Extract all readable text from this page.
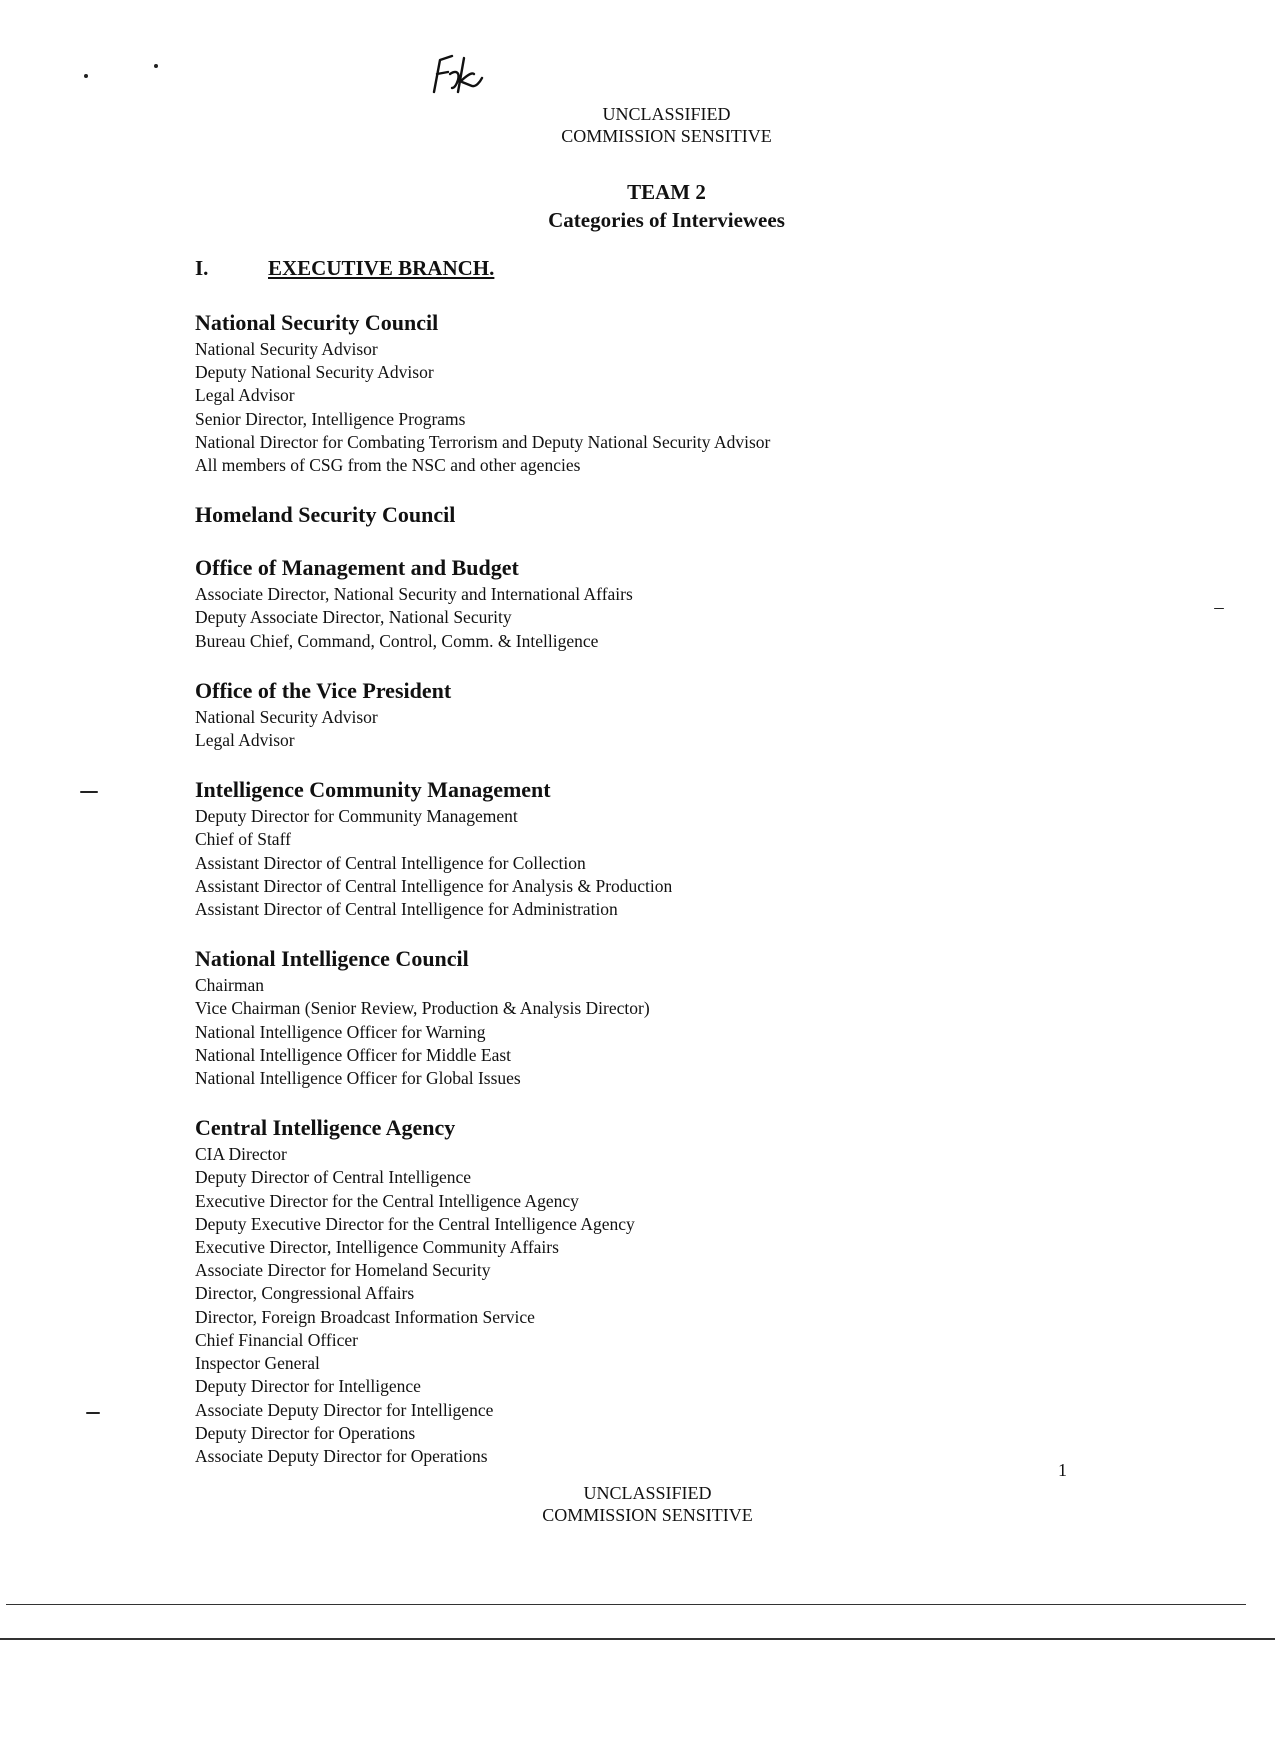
UNCLASSIFIED
COMMISSION SENSITIVE
TEAM 2
Categories of Interviewees
I.	EXECUTIVE BRANCH.
National Security Council
National Security Advisor
Deputy National Security Advisor
Legal Advisor
Senior Director, Intelligence Programs
National Director for Combating Terrorism and Deputy National Security Advisor
All members of CSG from the NSC and other agencies
Homeland Security Council
Office of Management and Budget
Associate Director, National Security and International Affairs
Deputy Associate Director, National Security
Bureau Chief, Command, Control, Comm. & Intelligence
Office of the Vice President
National Security Advisor
Legal Advisor
Intelligence Community Management
Deputy Director for Community Management
Chief of Staff
Assistant Director of Central Intelligence for Collection
Assistant Director of Central Intelligence for Analysis & Production
Assistant Director of Central Intelligence for Administration
National Intelligence Council
Chairman
Vice Chairman (Senior Review, Production & Analysis Director)
National Intelligence Officer for Warning
National Intelligence Officer for Middle East
National Intelligence Officer for Global Issues
Central Intelligence Agency
CIA Director
Deputy Director of Central Intelligence
Executive Director for the Central Intelligence Agency
Deputy Executive Director for the Central Intelligence Agency
Executive Director, Intelligence Community Affairs
Associate Director for Homeland Security
Director, Congressional Affairs
Director, Foreign Broadcast Information Service
Chief Financial Officer
Inspector General
Deputy Director for Intelligence
Associate Deputy Director for Intelligence
Deputy Director for Operations
Associate Deputy Director for Operations
1
UNCLASSIFIED
COMMISSION SENSITIVE
